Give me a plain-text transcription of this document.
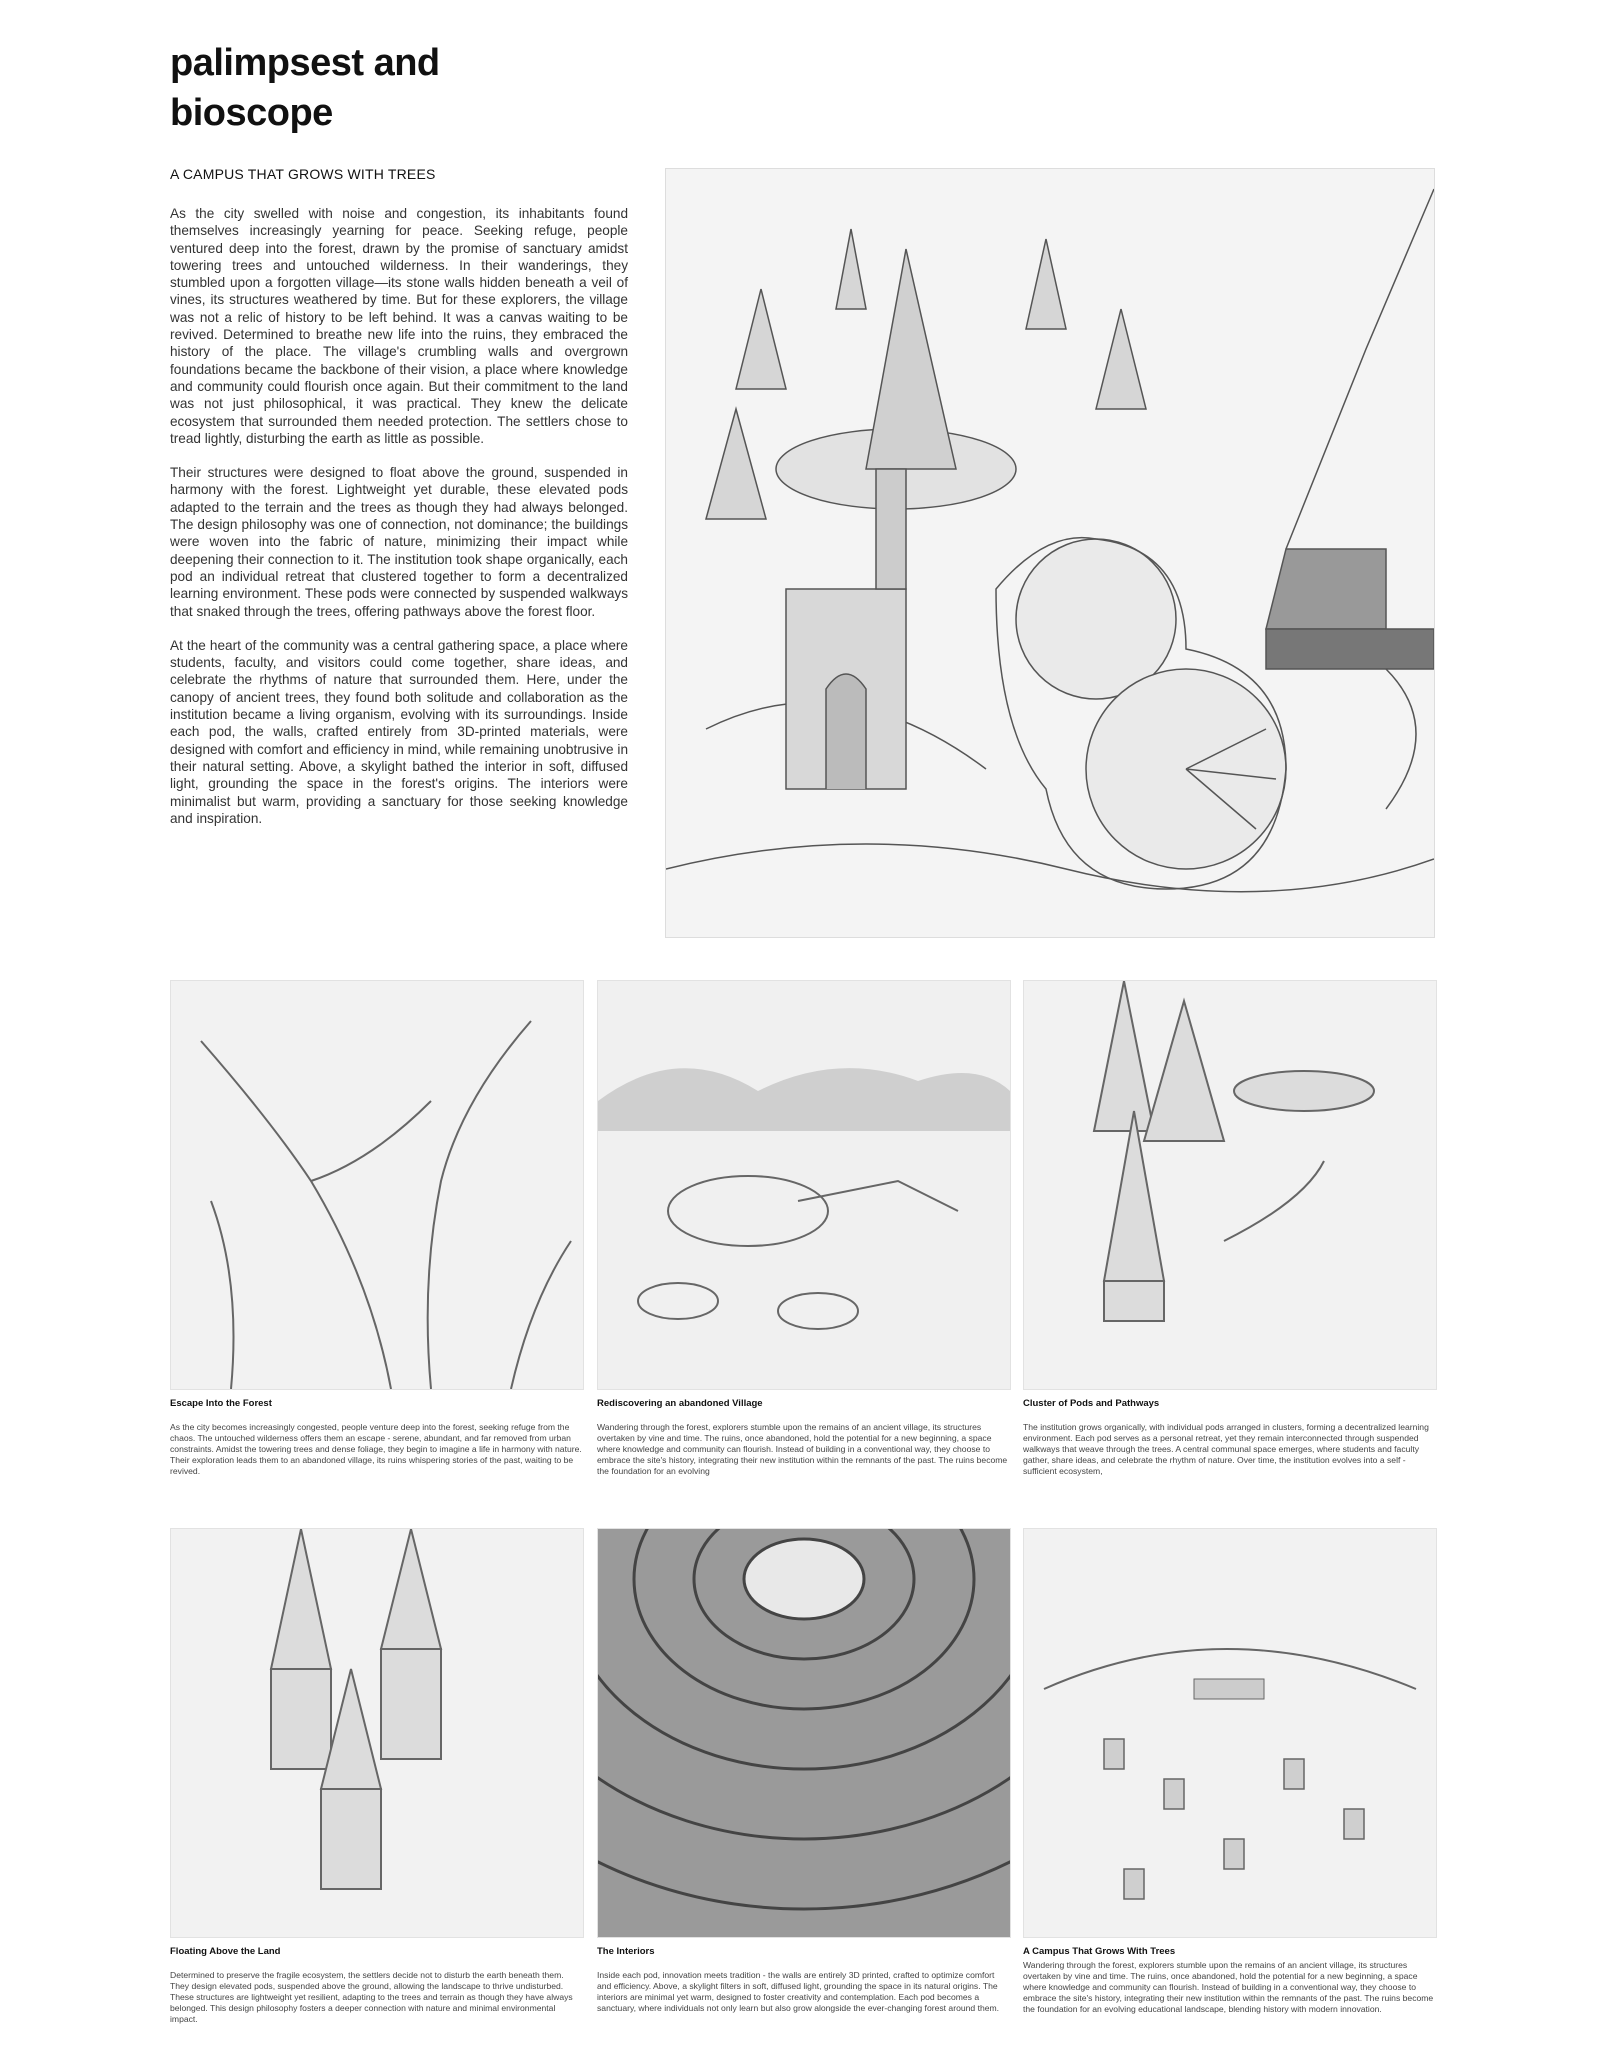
palimpsest and
bioscope
A CAMPUS THAT GROWS WITH TREES

As the city swelled with noise and congestion, its inhabitants found themselves increasingly yearning for peace. Seeking refuge, people ventured deep into the forest, drawn by the promise of sanctuary amidst towering trees and untouched wilderness. In their wanderings, they stumbled upon a forgotten village—its stone walls hidden beneath a veil of vines, its structures weathered by time. But for these explorers, the village was not a relic of history to be left behind. It was a canvas waiting to be revived. Determined to breathe new life into the ruins, they embraced the history of the place. The village's crumbling walls and overgrown foundations became the backbone of their vision, a place where knowledge and community could flourish once again. But their commitment to the land was not just philosophical, it was practical. They knew the delicate ecosystem that surrounded them needed protection. The settlers chose to tread lightly, disturbing the earth as little as possible.

Their structures were designed to float above the ground, suspended in harmony with the forest. Lightweight yet durable, these elevated pods adapted to the terrain and the trees as though they had always belonged. The design philosophy was one of connection, not dominance; the buildings were woven into the fabric of nature, minimizing their impact while deepening their connection to it. The institution took shape organically, each pod an individual retreat that clustered together to form a decentralized learning environment. These pods were connected by suspended walkways that snaked through the trees, offering pathways above the forest floor.

At the heart of the community was a central gathering space, a place where students, faculty, and visitors could come together, share ideas, and celebrate the rhythms of nature that surrounded them. Here, under the canopy of ancient trees, they found both solitude and collaboration as the institution became a living organism, evolving with its surroundings. Inside each pod, the walls, crafted entirely from 3D-printed materials, were designed with comfort and efficiency in mind, while remaining unobtrusive in their natural setting. Above, a skylight bathed the interior in soft, diffused light, grounding the space in the forest's origins. The interiors were minimalist but warm, providing a sanctuary for those seeking knowledge and inspiration.

Escape Into the Forest
As the city becomes increasingly congested, people venture deep into the forest, seeking refuge from the chaos. The untouched wilderness offers them an escape - serene, abundant, and far removed from urban constraints. Amidst the towering trees and dense foliage, they begin to imagine a life in harmony with nature. Their exploration leads them to an abandoned village, its ruins whispering stories of the past, waiting to be revived.
Rediscovering an abandoned Village
Wandering through the forest, explorers stumble upon the remains of an ancient village, its structures overtaken by vine and time. The ruins, once abandoned, hold the potential for a new beginning, a space where knowledge and community can flourish. Instead of building in a conventional way, they choose to embrace the site's history, integrating their new institution within the remnants of the past. The ruins become the foundation for an evolving
Cluster of Pods and Pathways
The institution grows organically, with individual pods arranged in clusters, forming a decentralized learning environment. Each pod serves as a personal retreat, yet they remain interconnected through suspended walkways that weave through the trees. A central communal space emerges, where students and faculty gather, share ideas, and celebrate the rhythm of nature. Over time, the institution evolves into a self - sufficient ecosystem,
Floating Above the Land
Determined to preserve the fragile ecosystem, the settlers decide not to disturb the earth beneath them. They design elevated pods, suspended above the ground, allowing the landscape to thrive undisturbed. These structures are lightweight yet resilient, adapting to the trees and terrain as though they have always belonged. This design philosophy fosters a deeper connection with nature and minimal environmental impact.
The Interiors
Inside each pod, innovation meets tradition - the walls are entirely 3D printed, crafted to optimize comfort and efficiency. Above, a skylight filters in soft, diffused light, grounding the space in its natural origins. The interiors are minimal yet warm, designed to foster creativity and contemplation. Each pod becomes a sanctuary, where individuals not only learn but also grow alongside the ever-changing forest around them.
A Campus That Grows With Trees
Wandering through the forest, explorers stumble upon the remains of an ancient village, its structures overtaken by vine and time. The ruins, once abandoned, hold the potential for a new beginning, a space where knowledge and community can flourish. Instead of building in a conventional way, they choose to embrace the site's history, integrating their new institution within the remnants of the past. The ruins become the foundation for an evolving educational landscape, blending history with modern innovation.
